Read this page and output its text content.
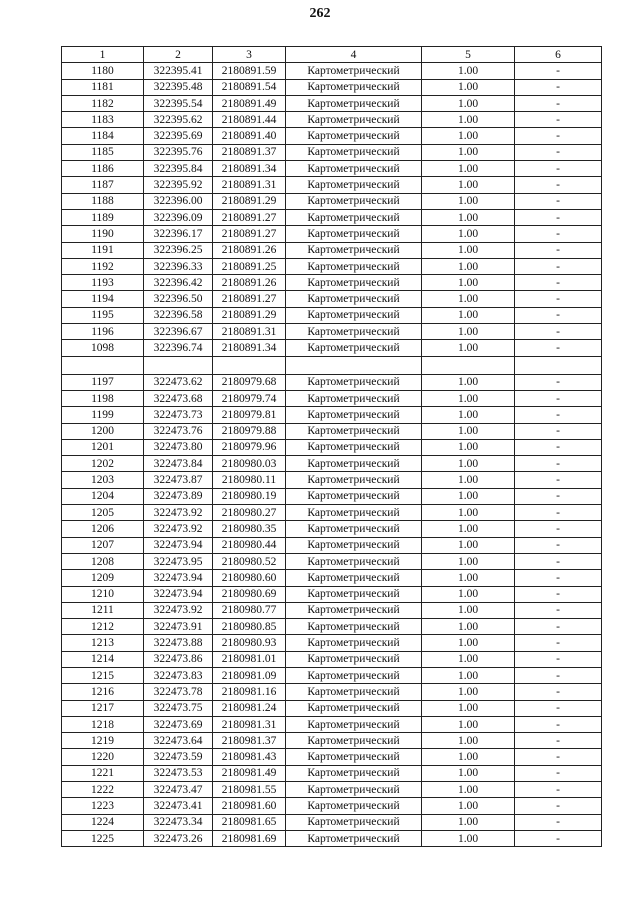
262
1	2	3	4	5	6
1180	322395.41	2180891.59	Картометрический	1.00	-
1181	322395.48	2180891.54	Картометрический	1.00	-
1182	322395.54	2180891.49	Картометрический	1.00	-
1183	322395.62	2180891.44	Картометрический	1.00	-
1184	322395.69	2180891.40	Картометрический	1.00	-
1185	322395.76	2180891.37	Картометрический	1.00	-
1186	322395.84	2180891.34	Картометрический	1.00	-
1187	322395.92	2180891.31	Картометрический	1.00	-
1188	322396.00	2180891.29	Картометрический	1.00	-
1189	322396.09	2180891.27	Картометрический	1.00	-
1190	322396.17	2180891.27	Картометрический	1.00	-
1191	322396.25	2180891.26	Картометрический	1.00	-
1192	322396.33	2180891.25	Картометрический	1.00	-
1193	322396.42	2180891.26	Картометрический	1.00	-
1194	322396.50	2180891.27	Картометрический	1.00	-
1195	322396.58	2180891.29	Картометрический	1.00	-
1196	322396.67	2180891.31	Картометрический	1.00	-
1098	322396.74	2180891.34	Картометрический	1.00	-

1197	322473.62	2180979.68	Картометрический	1.00	-
1198	322473.68	2180979.74	Картометрический	1.00	-
1199	322473.73	2180979.81	Картометрический	1.00	-
1200	322473.76	2180979.88	Картометрический	1.00	-
1201	322473.80	2180979.96	Картометрический	1.00	-
1202	322473.84	2180980.03	Картометрический	1.00	-
1203	322473.87	2180980.11	Картометрический	1.00	-
1204	322473.89	2180980.19	Картометрический	1.00	-
1205	322473.92	2180980.27	Картометрический	1.00	-
1206	322473.92	2180980.35	Картометрический	1.00	-
1207	322473.94	2180980.44	Картометрический	1.00	-
1208	322473.95	2180980.52	Картометрический	1.00	-
1209	322473.94	2180980.60	Картометрический	1.00	-
1210	322473.94	2180980.69	Картометрический	1.00	-
1211	322473.92	2180980.77	Картометрический	1.00	-
1212	322473.91	2180980.85	Картометрический	1.00	-
1213	322473.88	2180980.93	Картометрический	1.00	-
1214	322473.86	2180981.01	Картометрический	1.00	-
1215	322473.83	2180981.09	Картометрический	1.00	-
1216	322473.78	2180981.16	Картометрический	1.00	-
1217	322473.75	2180981.24	Картометрический	1.00	-
1218	322473.69	2180981.31	Картометрический	1.00	-
1219	322473.64	2180981.37	Картометрический	1.00	-
1220	322473.59	2180981.43	Картометрический	1.00	-
1221	322473.53	2180981.49	Картометрический	1.00	-
1222	322473.47	2180981.55	Картометрический	1.00	-
1223	322473.41	2180981.60	Картометрический	1.00	-
1224	322473.34	2180981.65	Картометрический	1.00	-
1225	322473.26	2180981.69	Картометрический	1.00	-
